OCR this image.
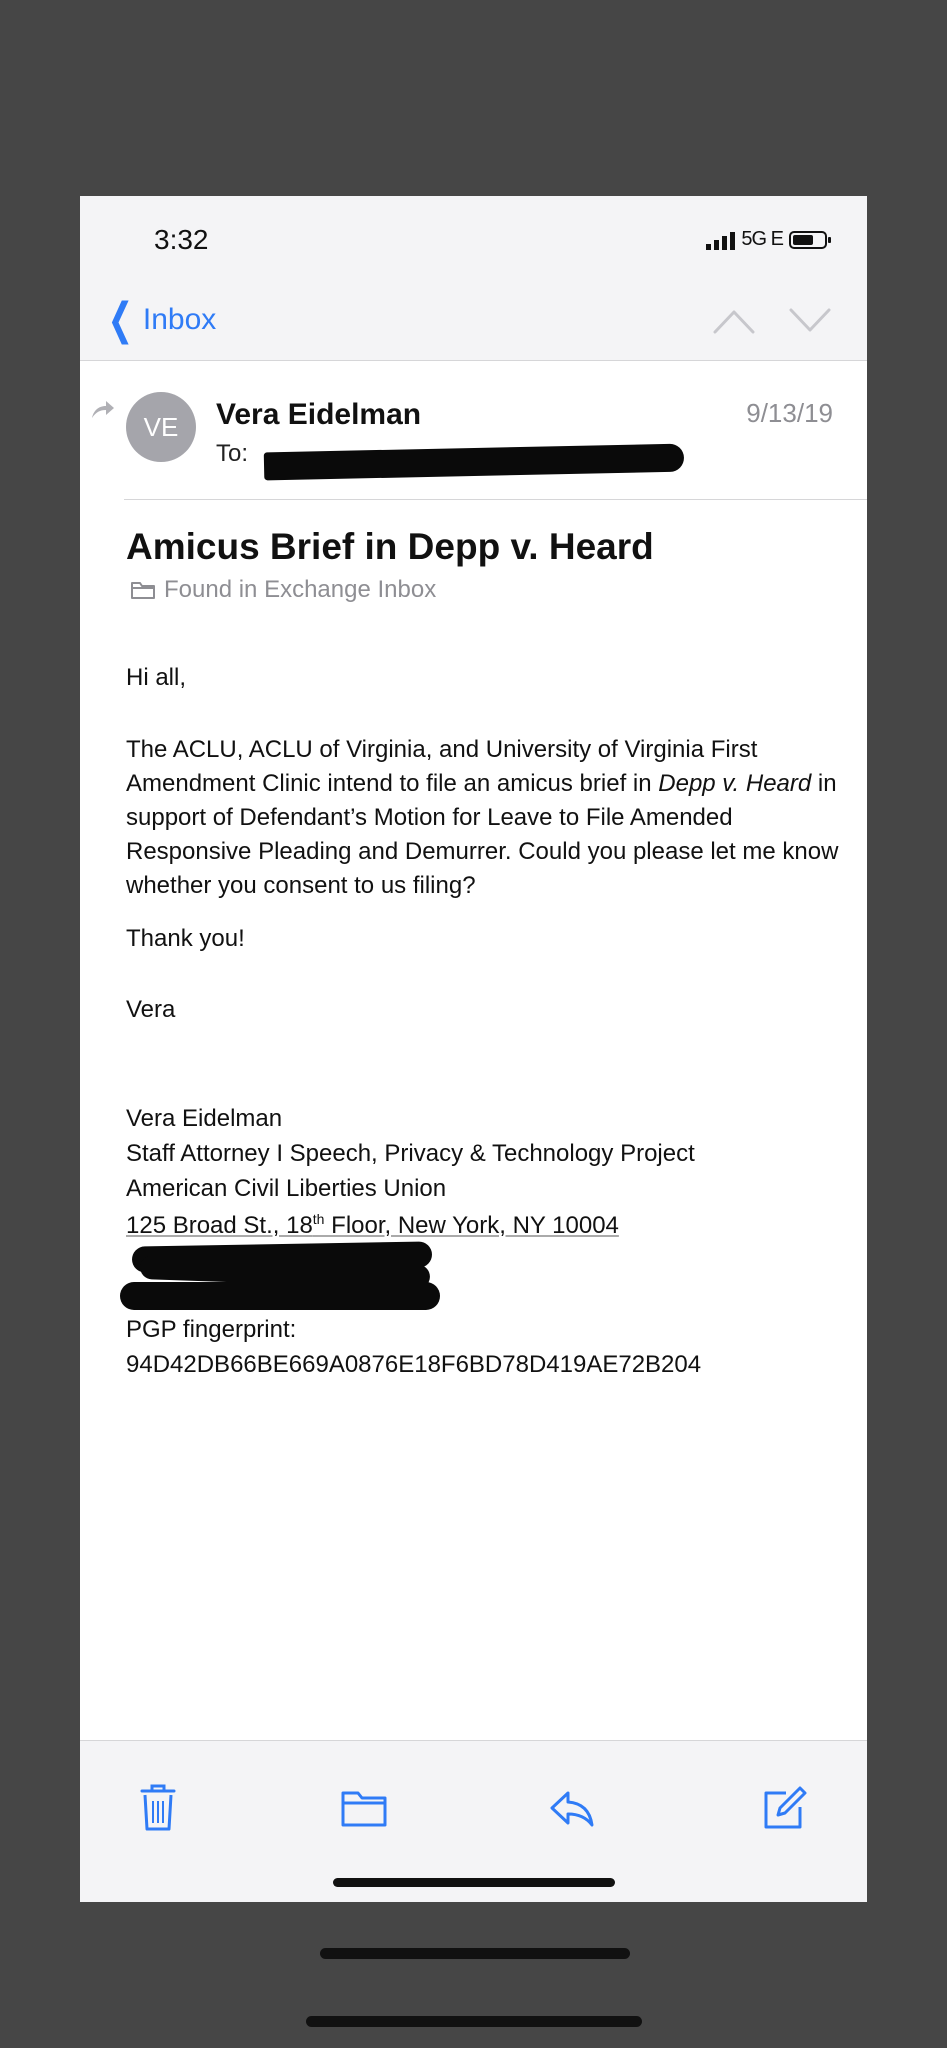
3:32	5G E
❮ Inbox
VE	Vera Eidelman
To:
9/13/19
Amicus Brief in Depp v. Heard
Found in Exchange Inbox

Hi all,

The ACLU, ACLU of Virginia, and University of Virginia First Amendment Clinic intend to file an amicus brief in Depp v. Heard in support of Defendant’s Motion for Leave to File Amended Responsive Pleading and Demurrer. Could you please let me know whether you consent to us filing?

Thank you!

Vera

Vera Eidelman
Staff Attorney I Speech, Privacy & Technology Project
American Civil Liberties Union
125 Broad St., 18th Floor, New York, NY 10004
PGP fingerprint:
94D42DB66BE669A0876E18F6BD78D419AE72B204
